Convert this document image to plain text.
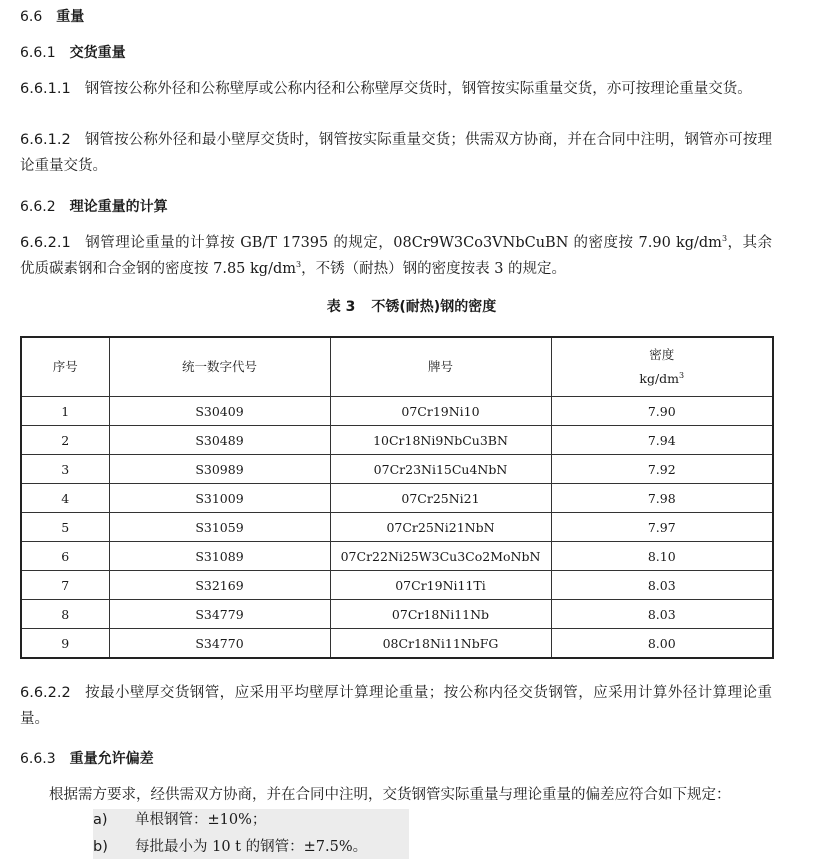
6.6 重量
6.6.1 交货重量
6.6.1.1 钢管按公称外径和公称壁厚或公称内径和公称壁厚交货时，钢管按实际重量交货，亦可按理论重量交货。
6.6.1.2 钢管按公称外径和最小壁厚交货时，钢管按实际重量交货；供需双方协商，并在合同中注明，钢管亦可按理论重量交货。
6.6.2 理论重量的计算
6.6.2.1 钢管理论重量的计算按 GB/T 17395 的规定，08Cr9W3Co3VNbCuBN 的密度按 7.90 $kg/dm^3$，其余优质碳素钢和合金钢的密度按 7.85 $kg/dm^3$，不锈（耐热）钢的密度按表 3 的规定。
表 3 不锈(耐热)钢的密度
序号	统一数字代号	牌号	密度
$kg/dm^3$

1	S30409	07Cr19Ni10	7.90
2	S30489	10Cr18Ni9NbCu3BN	7.94
3	S30989	07Cr23Ni15Cu4NbN	7.92
4	S31009	07Cr25Ni21	7.98
5	S31059	07Cr25Ni21NbN	7.97
6	S31089	07Cr22Ni25W3Cu3Co2MoNbN	8.10
7	S32169	07Cr19Ni11Ti	8.03
8	S34779	07Cr18Ni11Nb	8.03
9	S34770	08Cr18Ni11NbFG	8.00
6.6.2.2 按最小壁厚交货钢管，应采用平均壁厚计算理论重量；按公称内径交货钢管，应采用计算外径计算理论重量。
6.6.3 重量允许偏差
根据需方要求，经供需双方协商，并在合同中注明，交货钢管实际重量与理论重量的偏差应符合如下规定：
a) 单根钢管：±10%；
b) 每批最小为 10 t 的钢管：±7.5%。
